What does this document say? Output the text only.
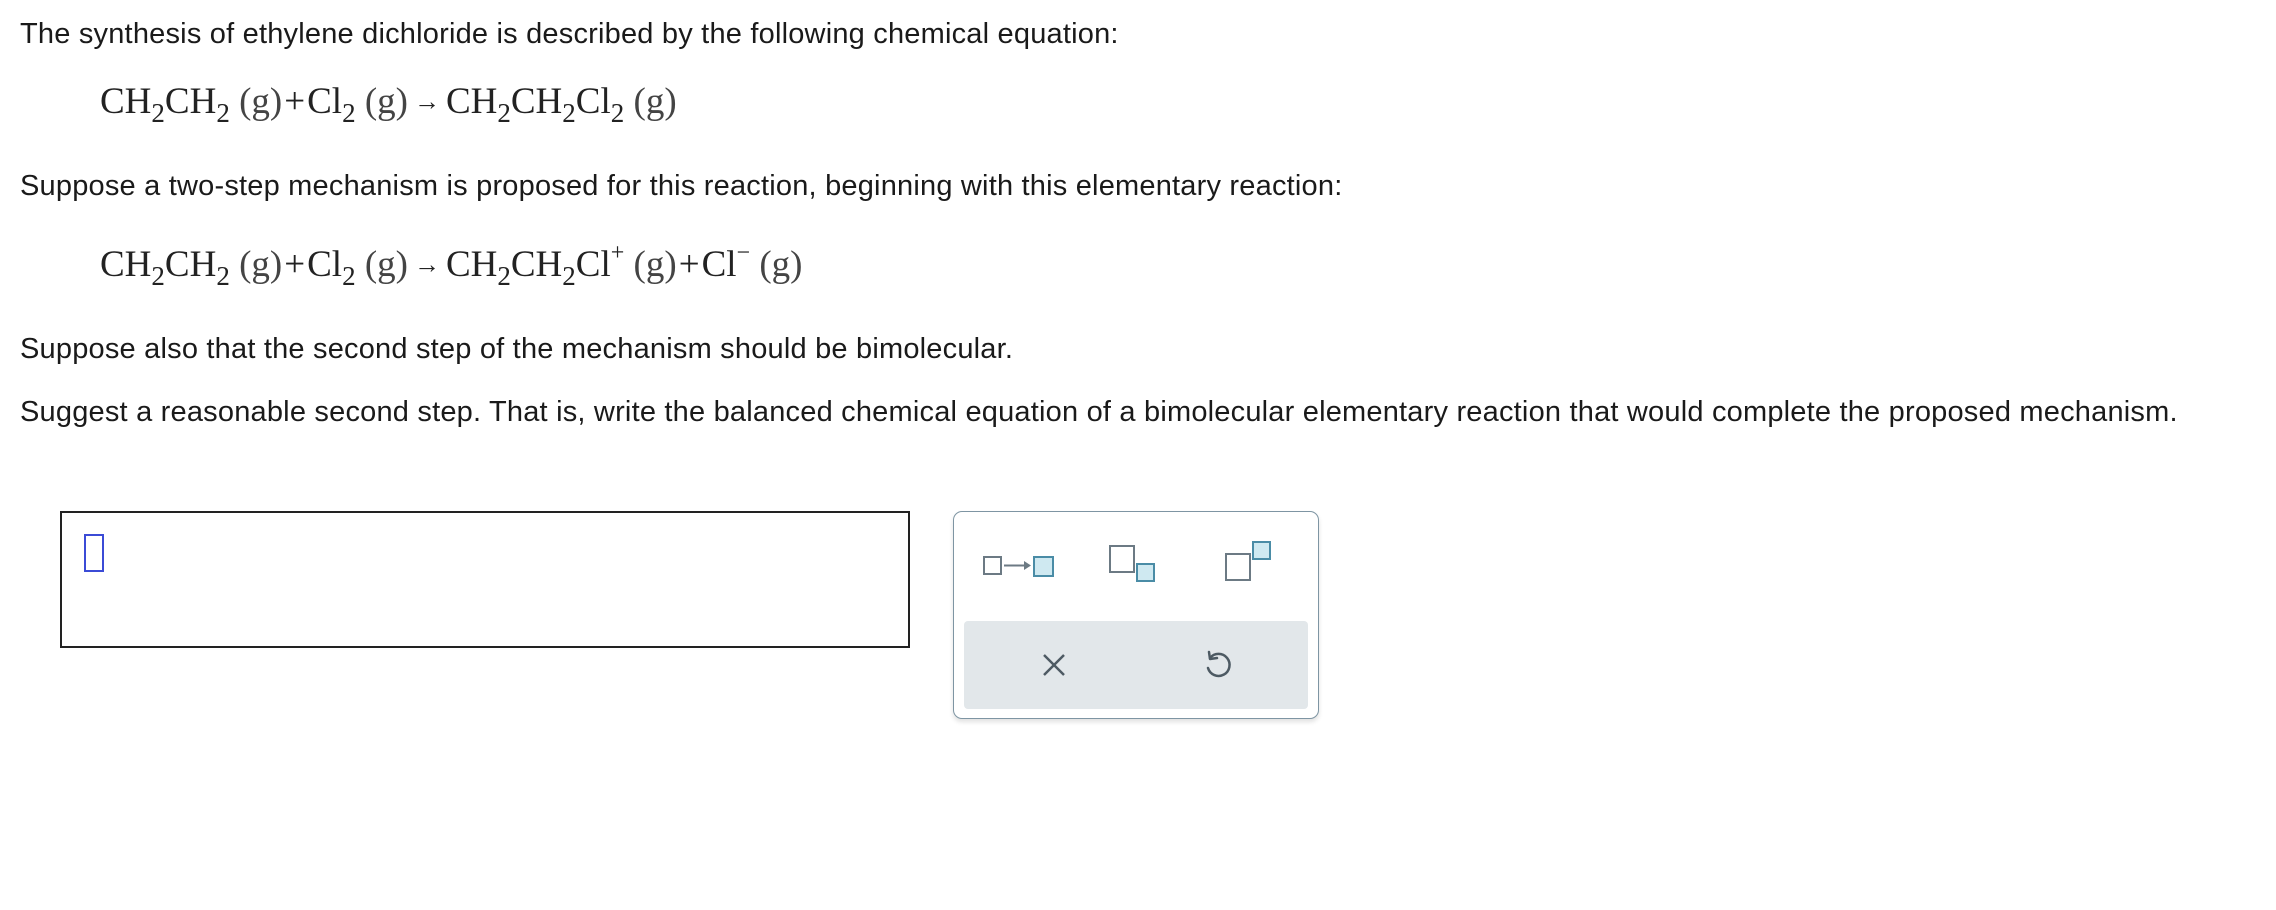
The synthesis of ethylene dichloride is described by the following chemical equation:

$CH_2CH_2$ $(g)+Cl_2$ $(g) \to CH_2CH_2Cl_2$ (g)

Suppose a two-step mechanism is proposed for this reaction, beginning with this elementary reaction:

$CH_2CH_2$ $(g)+Cl_2$ $(g) \to CH_2CH_2Cl^+$ (g)+Cl− (g)

Suppose also that the second step of the mechanism should be bimolecular.

Suggest a reasonable second step. That is, write the balanced chemical equation of a bimolecular elementary reaction that would complete the proposed mechanism.
